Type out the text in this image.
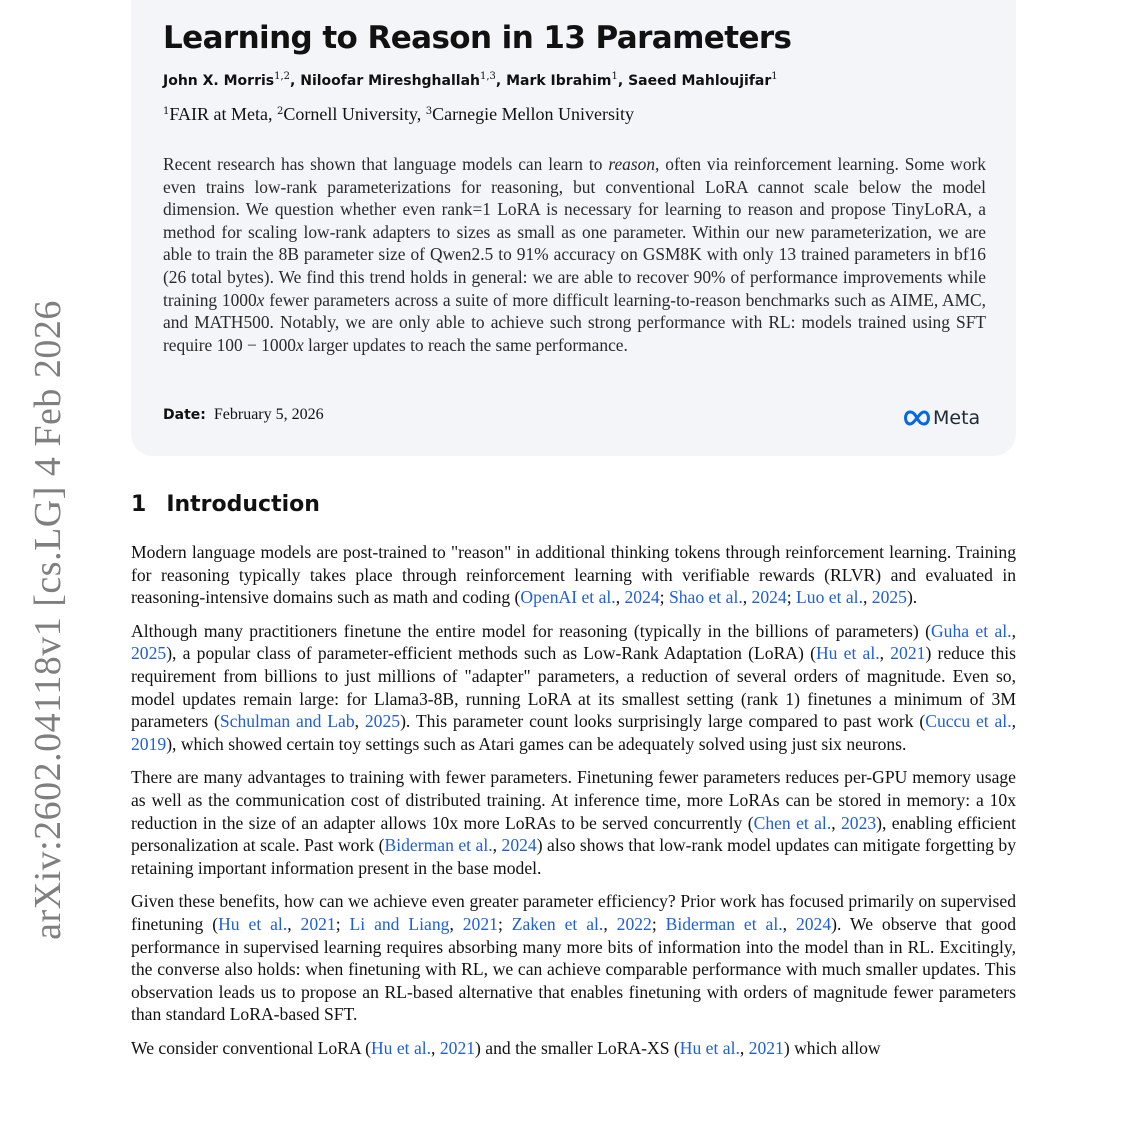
arXiv:2602.04118v1 [cs.LG] 4 Feb 2026
Learning to Reason in 13 Parameters
John X. Morris$^{1,2}$, Niloofar Mireshghallah$^{1,3}$, Mark Ibrahim$^1$, Saeed Mahloujifar$^1$
$^1$FAIR at Meta, $^2$Cornell University, $^3$Carnegie Mellon University
Recent research has shown that language models can learn to reason, often via reinforcement learning. Some work even trains low-rank parameterizations for reasoning, but conventional LoRA cannot scale below the model dimension. We question whether even rank=1 LoRA is necessary for learning to reason and propose TinyLoRA, a method for scaling low-rank adapters to sizes as small as one parameter. Within our new parameterization, we are able to train the 8B parameter size of Qwen2.5 to 91% accuracy on GSM8K with only 13 trained parameters in bf16 (26 total bytes). We find this trend holds in general: we are able to recover 90% of performance improvements while training 1000x fewer parameters across a suite of more difficult learning-to-reason benchmarks such as AIME, AMC, and MATH500. Notably, we are only able to achieve such strong performance with RL: models trained using SFT require 100 − 1000x larger updates to reach the same performance.
Date: February 5, 2026	Meta
1 Introduction

Modern language models are post-trained to "reason" in additional thinking tokens through reinforcement learning. Training for reasoning typically takes place through reinforcement learning with verifiable rewards (RLVR) and evaluated in reasoning-intensive domains such as math and coding (OpenAI et al., 2024; Shao et al., 2024; Luo et al., 2025).

Although many practitioners finetune the entire model for reasoning (typically in the billions of parameters) (Guha et al., 2025), a popular class of parameter-efficient methods such as Low-Rank Adaptation (LoRA) (Hu et al., 2021) reduce this requirement from billions to just millions of "adapter" parameters, a reduction of several orders of magnitude. Even so, model updates remain large: for Llama3-8B, running LoRA at its smallest setting (rank 1) finetunes a minimum of 3M parameters (Schulman and Lab, 2025). This parameter count looks surprisingly large compared to past work (Cuccu et al., 2019), which showed certain toy settings such as Atari games can be adequately solved using just six neurons.

There are many advantages to training with fewer parameters. Finetuning fewer parameters reduces per-GPU memory usage as well as the communication cost of distributed training. At inference time, more LoRAs can be stored in memory: a 10x reduction in the size of an adapter allows 10x more LoRAs to be served concurrently (Chen et al., 2023), enabling efficient personalization at scale. Past work (Biderman et al., 2024) also shows that low-rank model updates can mitigate forgetting by retaining important information present in the base model.

Given these benefits, how can we achieve even greater parameter efficiency? Prior work has focused primarily on supervised finetuning (Hu et al., 2021; Li and Liang, 2021; Zaken et al., 2022; Biderman et al., 2024). We observe that good performance in supervised learning requires absorbing many more bits of information into the model than in RL. Excitingly, the converse also holds: when finetuning with RL, we can achieve comparable performance with much smaller updates. This observation leads us to propose an RL-based alternative that enables finetuning with orders of magnitude fewer parameters than standard LoRA-based SFT.

We consider conventional LoRA (Hu et al., 2021) and the smaller LoRA-XS (Hu et al., 2021) which allow
